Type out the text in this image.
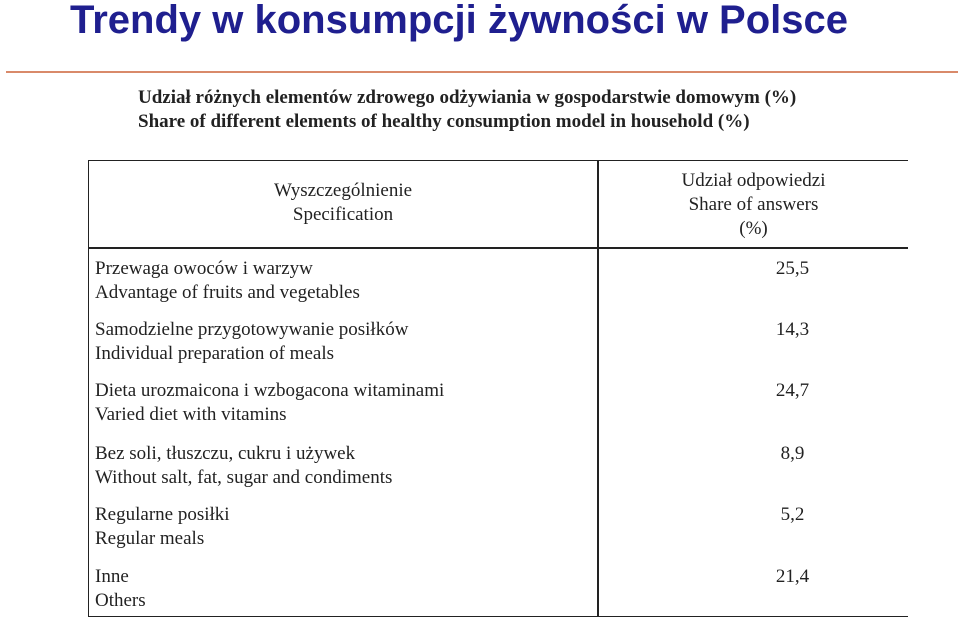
Trendy w konsumpcji żywności w Polsce
Udział różnych elementów zdrowego odżywiania w gospodarstwie domowym (%)
Share of different elements of healthy consumption model in household (%)
Wyszczególnienie
Specification
Udział odpowiedzi
Share of answers
(%)
Przewaga owoców i warzyw
Advantage of fruits and vegetables
25,5
Samodzielne przygotowywanie posiłków
Individual preparation of meals
14,3
Dieta urozmaicona i wzbogacona witaminami
Varied diet with vitamins
24,7
Bez soli, tłuszczu, cukru i używek
Without salt, fat, sugar and condiments
8,9
Regularne posiłki
Regular meals
5,2
Inne
Others
21,4
